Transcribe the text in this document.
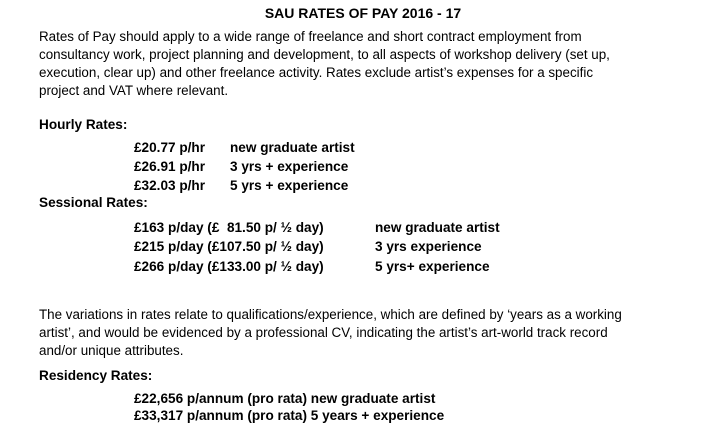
SAU RATES OF PAY 2016 - 17
Rates of Pay should apply to a wide range of freelance and short contract employment from
consultancy work, project planning and development, to all aspects of workshop delivery (set up,
execution, clear up) and other freelance activity. Rates exclude artist’s expenses for a specific
project and VAT where relevant.
Hourly Rates:
£20.77 p/hr new graduate artist
£26.91 p/hr 3 yrs + experience
£32.03 p/hr 5 yrs + experience
Sessional Rates:
£163 p/day (£  81.50 p/ ½ day)	new graduate artist
£215 p/day (£107.50 p/ ½ day)	3 yrs experience
£266 p/day (£133.00 p/ ½ day)	5 yrs+ experience
The variations in rates relate to qualifications/experience, which are defined by ‘years as a working
artist’, and would be evidenced by a professional CV, indicating the artist’s art-world track record
and/or unique attributes.
Residency Rates:
£22,656 p/annum (pro rata) new graduate artist
£33,317 p/annum (pro rata) 5 years + experience
